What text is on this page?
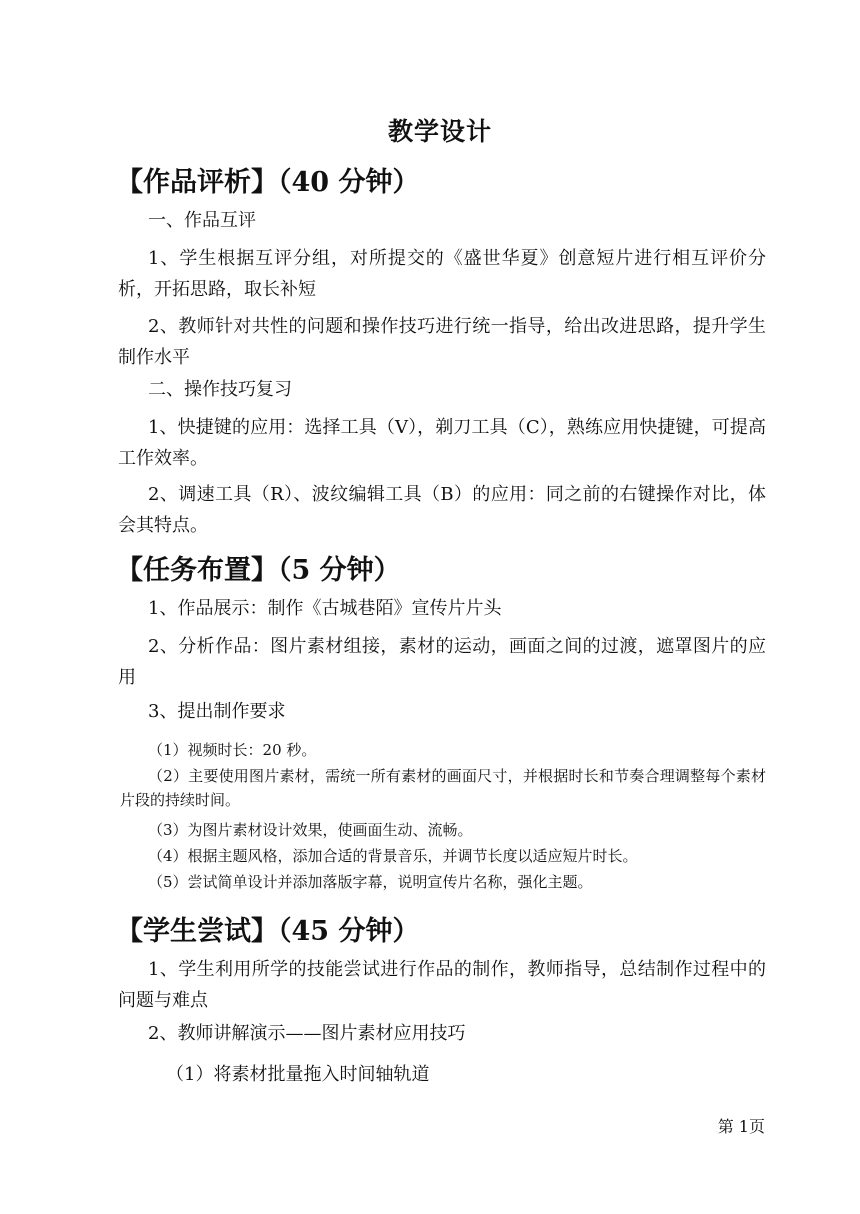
教学设计
【作品评析】（40 分钟）
一、作品互评
1、学生根据互评分组，对所提交的《盛世华夏》创意短片进行相互评价分析，开拓思路，取长补短
2、教师针对共性的问题和操作技巧进行统一指导，给出改进思路，提升学生制作水平
二、操作技巧复习
1、快捷键的应用：选择工具（V），剃刀工具（C），熟练应用快捷键，可提高工作效率。
2、调速工具（R）、波纹编辑工具（B）的应用：同之前的右键操作对比，体会其特点。
【任务布置】（5 分钟）
1、作品展示：制作《古城巷陌》宣传片片头
2、分析作品：图片素材组接，素材的运动，画面之间的过渡，遮罩图片的应用
3、提出制作要求
（1）视频时长：20 秒。
（2）主要使用图片素材，需统一所有素材的画面尺寸，并根据时长和节奏合理调整每个素材片段的持续时间。
（3）为图片素材设计效果，使画面生动、流畅。
（4）根据主题风格，添加合适的背景音乐，并调节长度以适应短片时长。
（5）尝试简单设计并添加落版字幕，说明宣传片名称，强化主题。
【学生尝试】（45 分钟）
1、学生利用所学的技能尝试进行作品的制作，教师指导，总结制作过程中的问题与难点
2、教师讲解演示——图片素材应用技巧
（1）将素材批量拖入时间轴轨道
第 1页
